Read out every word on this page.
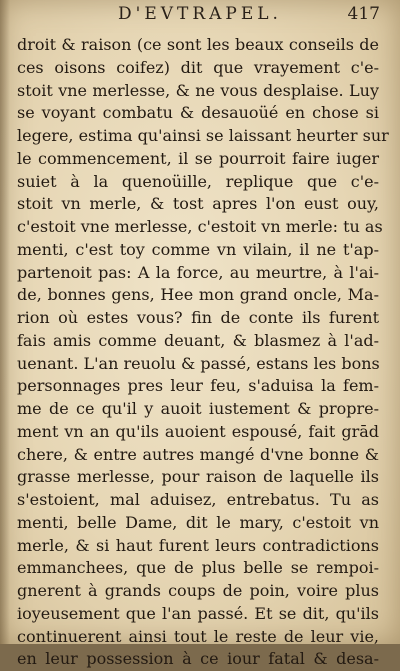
D'EVTRAPEL.	417
droit & raison (ce sont les beaux conseils de
ces oisons coifez) dit que vrayement c'e-
stoit vne merlesse, & ne vous desplaise. Luy
se voyant combatu & desauoüé en chose si
legere, estima qu'ainsi se laissant heurter sur
le commencement, il se pourroit faire iuger
suiet à la quenoüille, replique que c'e-
stoit vn merle, & tost apres l'on eust ouy,
c'estoit vne merlesse, c'estoit vn merle: tu as
menti, c'est toy comme vn vilain, il ne t'ap-
partenoit pas: A la force, au meurtre, à l'ai-
de, bonnes gens, Hee mon grand oncle, Ma-
rion où estes vous? fin de conte ils furent
fais amis comme deuant, & blasmez à l'ad-
uenant. L'an reuolu & passé, estans les bons
personnages pres leur feu, s'aduisa la fem-
me de ce qu'il y auoit iustement & propre-
ment vn an qu'ils auoient espousé, fait grād
chere, & entre autres mangé d'vne bonne &
grasse merlesse, pour raison de laquelle ils
s'estoient, mal aduisez, entrebatus. Tu as
menti, belle Dame, dit le mary, c'estoit vn
merle, & si haut furent leurs contradictions
emmanchees, que de plus belle se rempoi-
gnerent à grands coups de poin, voire plus
ioyeusement que l'an passé. Et se dit, qu'ils
continuerent ainsi tout le reste de leur vie,
en leur possession à ce iour fatal & desa-
